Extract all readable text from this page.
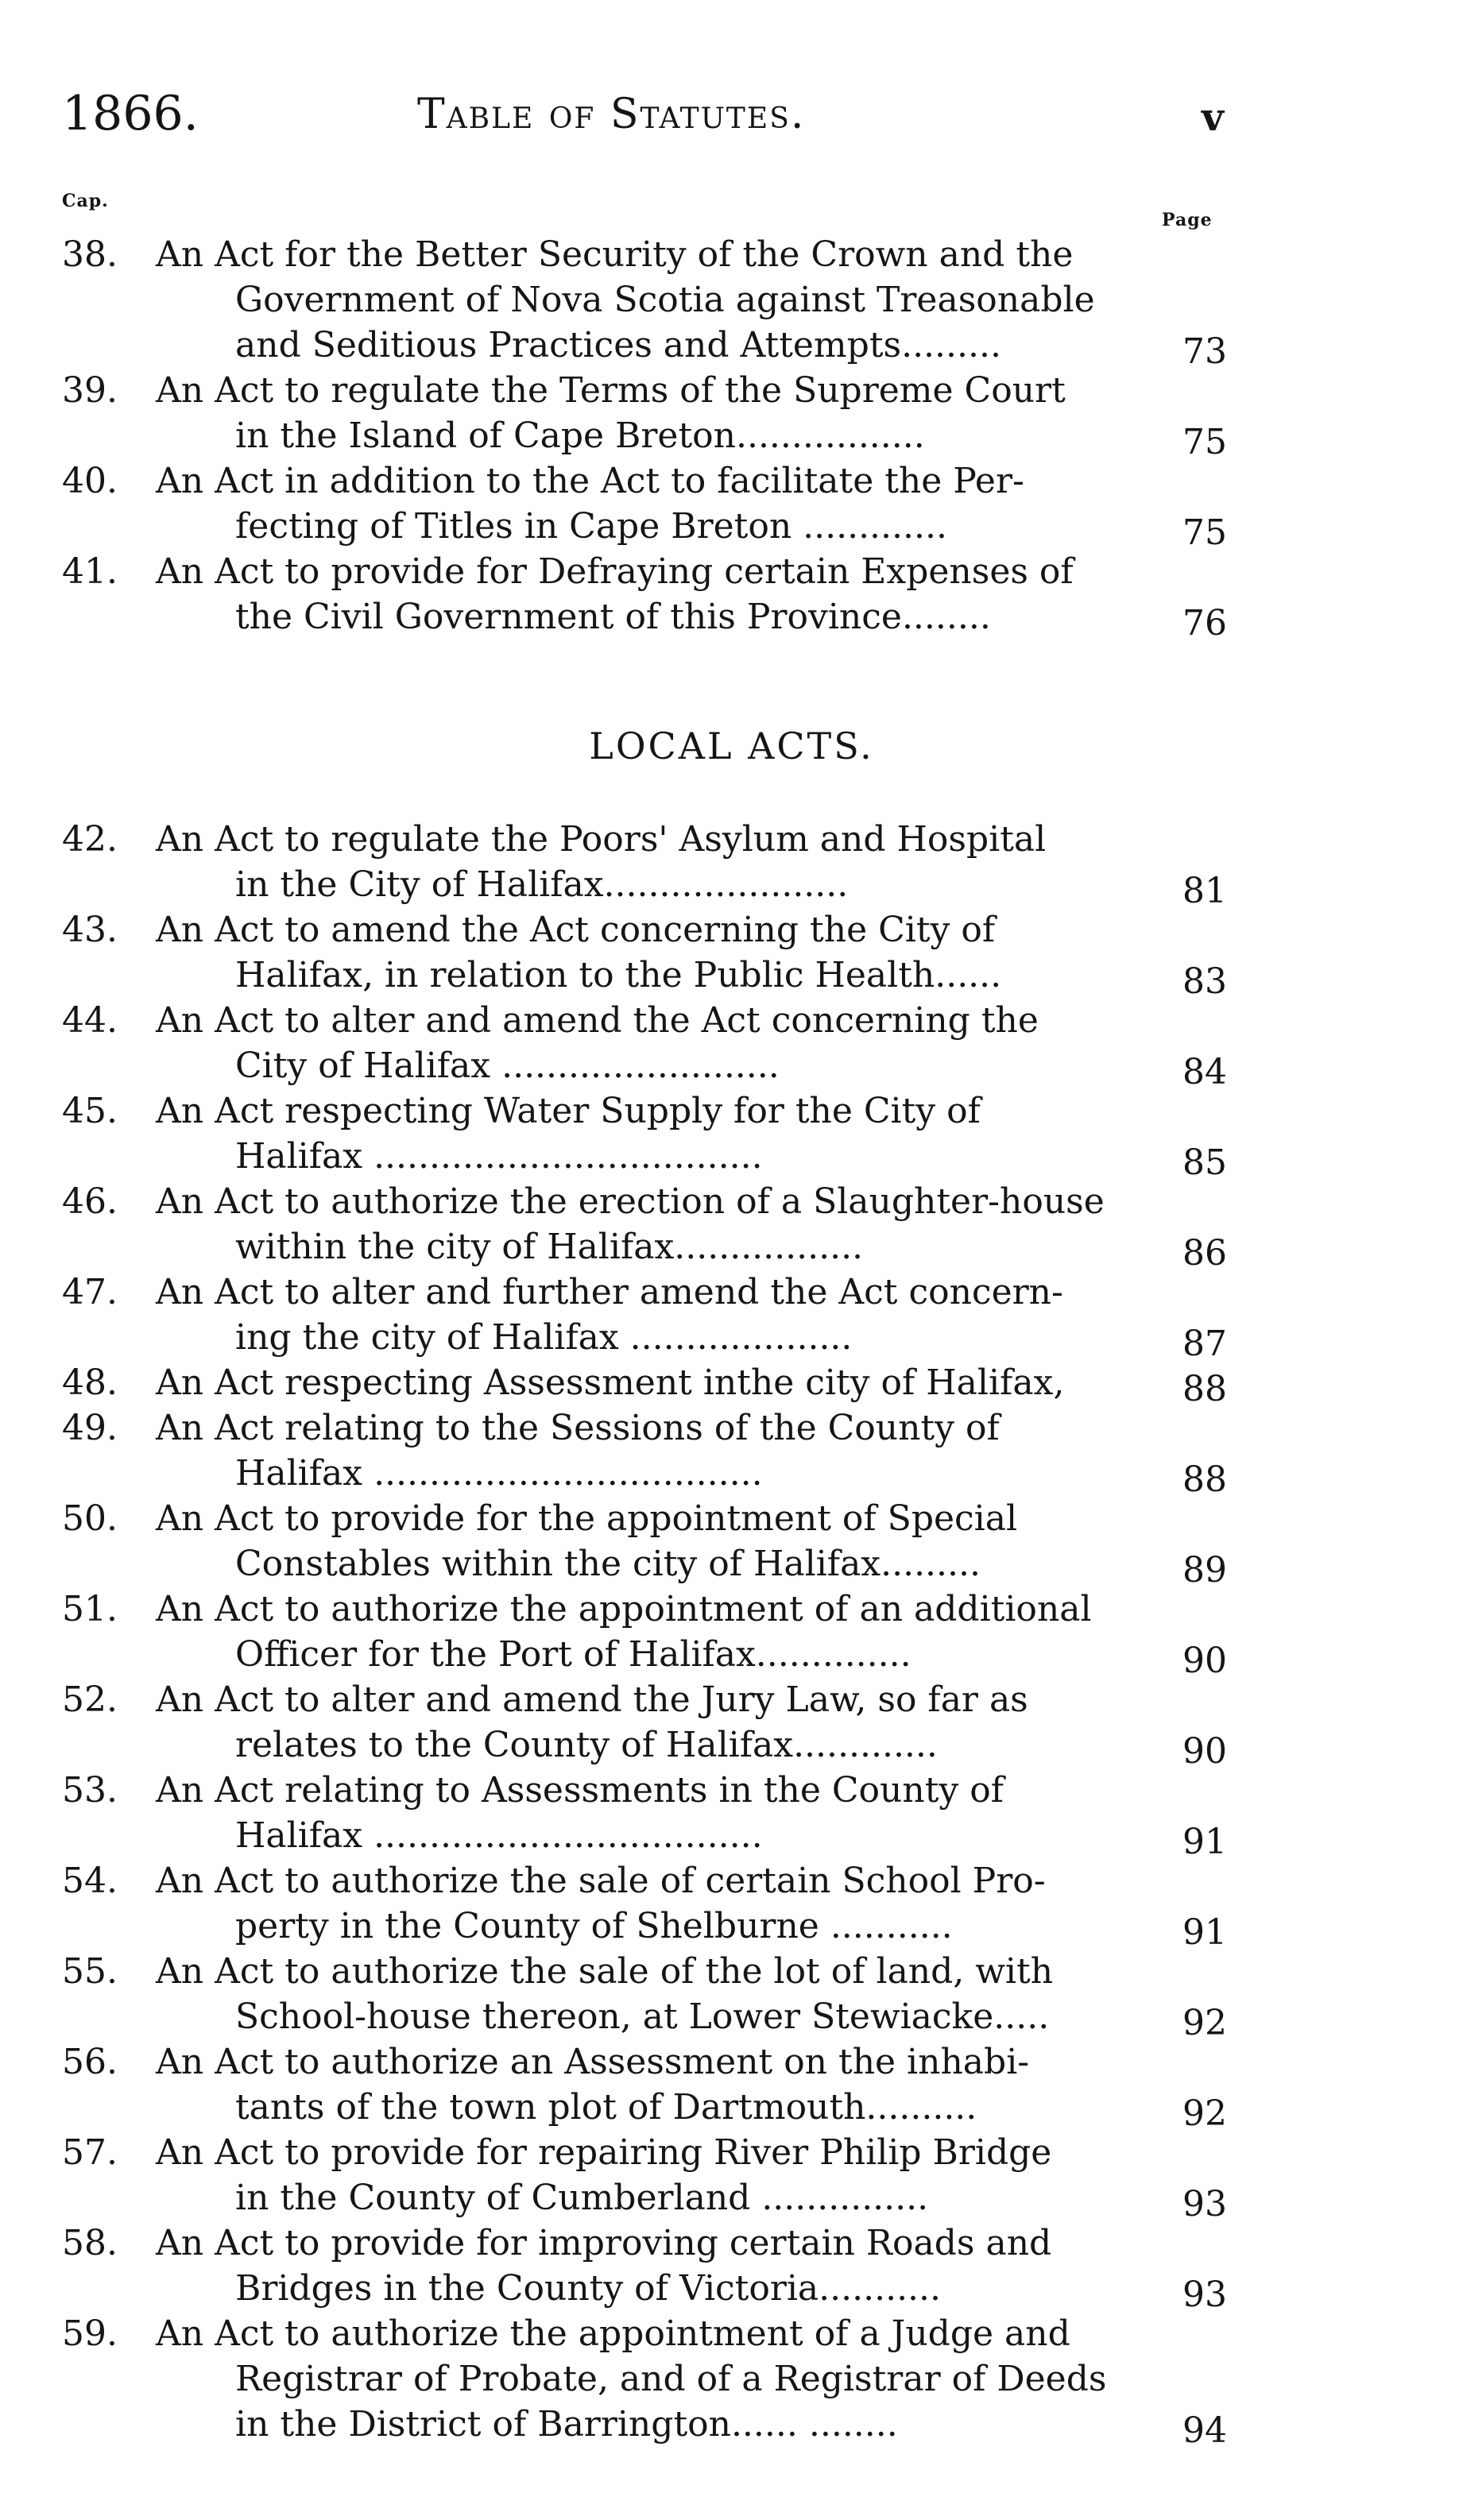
1866.	Table of Statutes.	v
Cap.
Page
LOCAL ACTS.
38. An Act for the Better Security of the Crown and the
Government of Nova Scotia against Treasonable
and Seditious Practices and Attempts.........	73
39. An Act to regulate the Terms of the Supreme Court
in the Island of Cape Breton.................	75
40. An Act in addition to the Act to facilitate the Per-
fecting of Titles in Cape Breton .............	75
41. An Act to provide for Defraying certain Expenses of
the Civil Government of this Province........	76
42. An Act to regulate the Poors' Asylum and Hospital
in the City of Halifax......................	81
43. An Act to amend the Act concerning the City of
Halifax, in relation to the Public Health......	83
44. An Act to alter and amend the Act concerning the
City of Halifax .........................	84
45. An Act respecting Water Supply for the City of
Halifax ...................................	85
46. An Act to authorize the erection of a Slaughter-house
within the city of Halifax.................	86
47. An Act to alter and further amend the Act concern-
ing the city of Halifax ....................	87
48. An Act respecting Assessment inthe city of Halifax,	88
49. An Act relating to the Sessions of the County of
Halifax ...................................	88
50. An Act to provide for the appointment of Special
Constables within the city of Halifax.........	89
51. An Act to authorize the appointment of an additional
Officer for the Port of Halifax..............	90
52. An Act to alter and amend the Jury Law, so far as
relates to the County of Halifax.............	90
53. An Act relating to Assessments in the County of
Halifax ...................................	91
54. An Act to authorize the sale of certain School Pro-
perty in the County of Shelburne ...........	91
55. An Act to authorize the sale of the lot of land, with
School-house thereon, at Lower Stewiacke.....	92
56. An Act to authorize an Assessment on the inhabi-
tants of the town plot of Dartmouth..........	92
57. An Act to provide for repairing River Philip Bridge
in the County of Cumberland ...............	93
58. An Act to provide for improving certain Roads and
Bridges in the County of Victoria...........	93
59. An Act to authorize the appointment of a Judge and
Registrar of Probate, and of a Registrar of Deeds
in the District of Barrington...... ........	94
